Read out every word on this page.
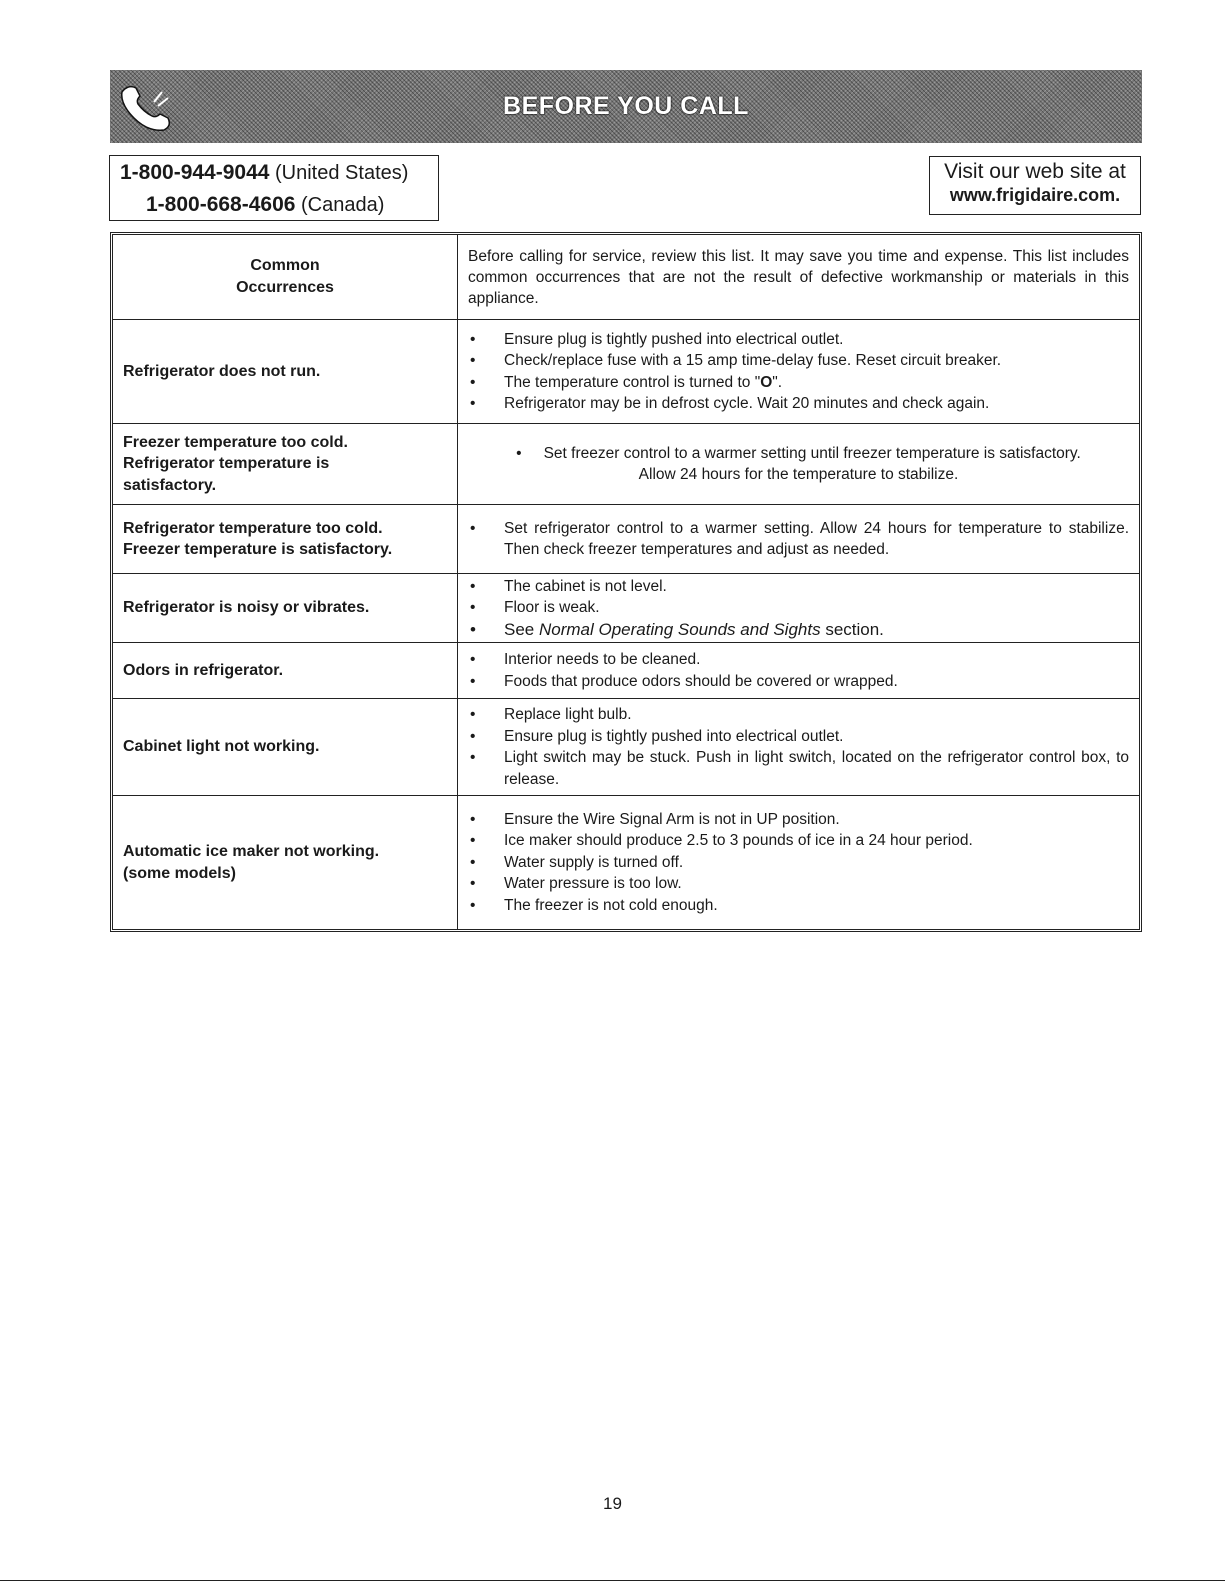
BEFORE YOU CALL
1-800-944-9044 (United States)
1-800-668-4606 (Canada)
Visit our web site at
www.frigidaire.com.
Common
Occurrences
Before calling for service, review this list. It may save you time and expense. This list includes common occurrences that are not the result of defective workmanship or materials in this appliance.
Refrigerator does not run.
• Ensure plug is tightly pushed into electrical outlet.
• Check/replace fuse with a 15 amp time-delay fuse. Reset circuit breaker.
• The temperature control is turned to "O".
• Refrigerator may be in defrost cycle. Wait 20 minutes and check again.
Freezer temperature too cold.
Refrigerator temperature is
satisfactory.
• Set freezer control to a warmer setting until freezer temperature is satisfactory.
Allow 24 hours for the temperature to stabilize.
Refrigerator temperature too cold.
Freezer temperature is satisfactory.
• Set refrigerator control to a warmer setting. Allow 24 hours for temperature to stabilize. Then check freezer temperatures and adjust as needed.
Refrigerator is noisy or vibrates.
• The cabinet is not level.
• Floor is weak.
• See Normal Operating Sounds and Sights section.
Odors in refrigerator.
• Interior needs to be cleaned.
• Foods that produce odors should be covered or wrapped.
Cabinet light not working.
• Replace light bulb.
• Ensure plug is tightly pushed into electrical outlet.
• Light switch may be stuck. Push in light switch, located on the refrigerator control box, to release.
Automatic ice maker not working.
(some models)
• Ensure the Wire Signal Arm is not in UP position.
• Ice maker should produce 2.5 to 3 pounds of ice in a 24 hour period.
• Water supply is turned off.
• Water pressure is too low.
• The freezer is not cold enough.
19
